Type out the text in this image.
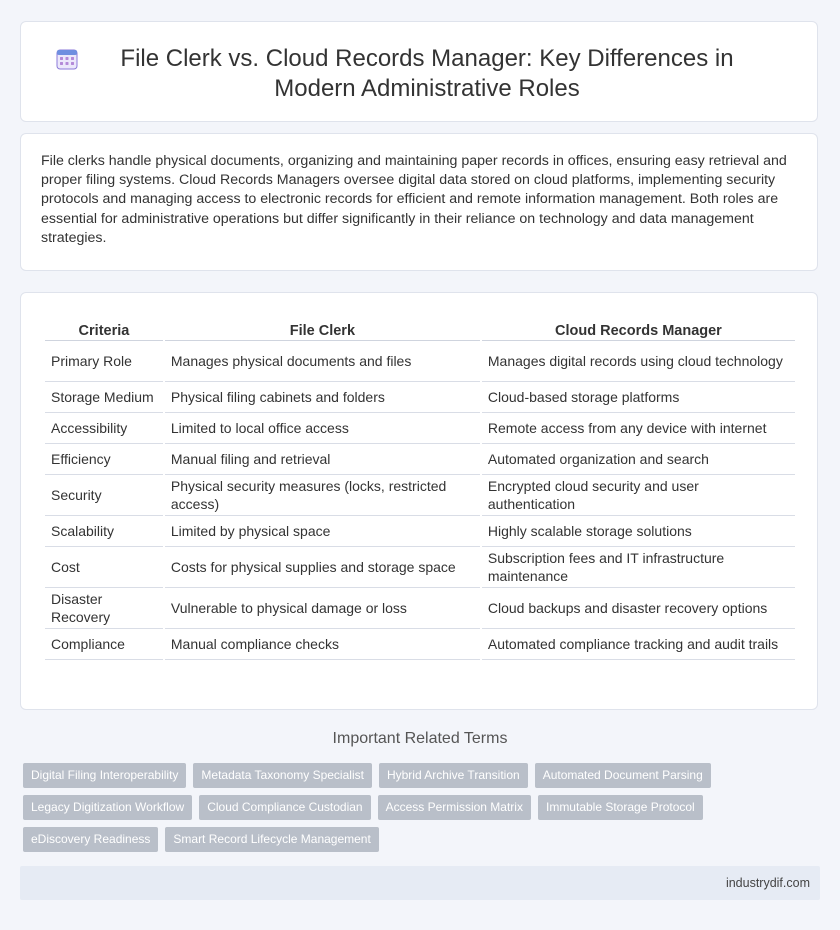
File Clerk vs. Cloud Records Manager: Key Differences in Modern Administrative Roles

File clerks handle physical documents, organizing and maintaining paper records in offices, ensuring easy retrieval and proper filing systems. Cloud Records Managers oversee digital data stored on cloud platforms, implementing security protocols and managing access to electronic records for efficient and remote information management. Both roles are essential for administrative operations but differ significantly in their reliance on technology and data management strategies.

Criteria	File Clerk	Cloud Records Manager
Primary Role	Manages physical documents and files	Manages digital records using cloud technology
Storage Medium	Physical filing cabinets and folders	Cloud-based storage platforms
Accessibility	Limited to local office access	Remote access from any device with internet
Efficiency	Manual filing and retrieval	Automated organization and search
Security	Physical security measures (locks, restricted access)	Encrypted cloud security and user authentication
Scalability	Limited by physical space	Highly scalable storage solutions
Cost	Costs for physical supplies and storage space	Subscription fees and IT infrastructure maintenance
Disaster Recovery	Vulnerable to physical damage or loss	Cloud backups and disaster recovery options
Compliance	Manual compliance checks	Automated compliance tracking and audit trails
Important Related Terms
Digital Filing Interoperability	Metadata Taxonomy Specialist	Hybrid Archive Transition	Automated Document Parsing
Legacy Digitization Workflow	Cloud Compliance Custodian	Access Permission Matrix	Immutable Storage Protocol
eDiscovery Readiness	Smart Record Lifecycle Management
industrydif.com
